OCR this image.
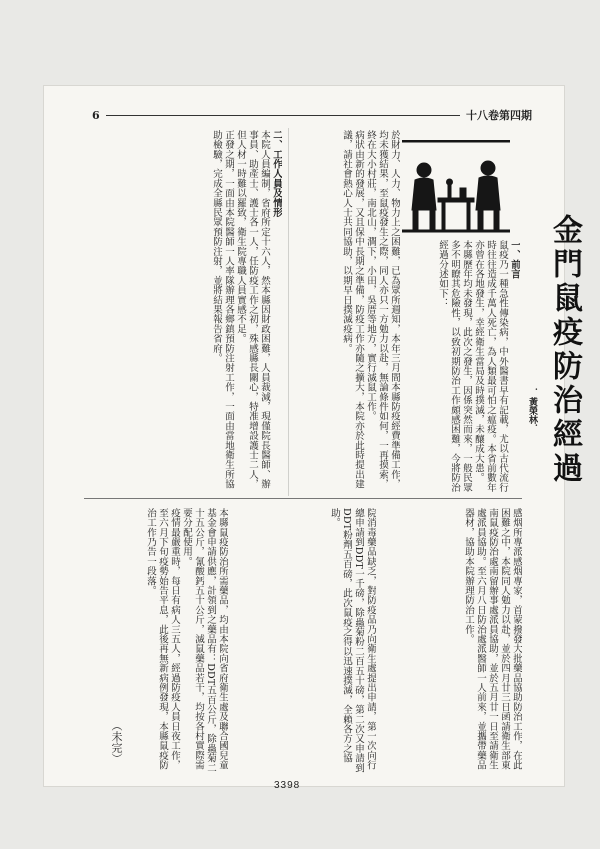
6	十八卷第四期
金門鼠疫防治經過
．黃榮林．
一、前言
鼠疫乃一種急性傳染病，中外醫書早有記載，尤以古代流行時往往造成千萬人死亡，為人類最可怕之瘟疫。本省前數年亦曾在各地發生，幸經衛生當局及時撲滅，未釀成大患。
本縣歷年均未發現，此次之發生，因係突然而來，一般民眾多不明瞭其危險性，以致初期防治工作頗感困難，今將防治經過分述如下：
於財力、人力、物力上之困難，已為眾所週知，本年三月間本縣防疫經費準備工作，均未獲結果，至鼠疫發生之際，同人亦只一方勉力以赴，無論條件如何，一再摸索，終在大小村莊，南北山，澗下，小田，吳厝等地方，實行滅鼠工作。
病狀由新的發展，又且保中長期之準備，防疫工作亦隨之擴大，本院亦於此時提出建議，請社會熱心人士共同協助，以期早日撲滅疫病。
二、工作人員及情形
本院人員編制，省府所定十六人，然本縣因財政困難，人員裁減，現僅院長醫師、辦事員、助產士、護士各一人，任防疫工作之初，殊感縣長關心，特准增設護士二人，但人材一時難以羅致，衛生院專職人員實感不足。
正發之期，一面由本院醫師一人率隊辦理各鄉鎮預防注射工作，一面由當地衛生所協助檢驗，完成全縣民眾預防注射，並將結果報告省府。
感烟所專派感烟專家，首蒙撥發大批藥品協助防治工作，在此困難之中，本院同人勉力以赴，並於四月廿三日函請衛生部東南鼠疫防治處南留辦事處派員協助，並於五月廿一日至請衛生處派員協助。至六月八日防治處派醫師一人前來，並攜帶藥品器材，協助本院辦理防治工作。
院消毒藥品缺乏，對防疫品乃向衛生處提出申請，第一次向行總申請到DDT一千磅，除蟲菊粉二百五十磅，第二次又申請到DDT粉劑五百磅，此次鼠疫之得以迅速撲滅，全賴各方之協助。
本縣鼠疫防治所需藥品，均由本院向省府衛生處及聯合國兒童基金會申請供應，計領到之藥品有：DDT五百公斤，除蟲菊二十五公斤，氰酸鈣五十公斤，滅鼠藥品若干，均按各村實際需要分配使用。
疫情最嚴重時，每日有病人三五人，經過防疫人員日夜工作，至六月下旬疫勢始告平息，此後再無新病例發現，本縣鼠疫防治工作乃告一段落。
（未完）
3398
